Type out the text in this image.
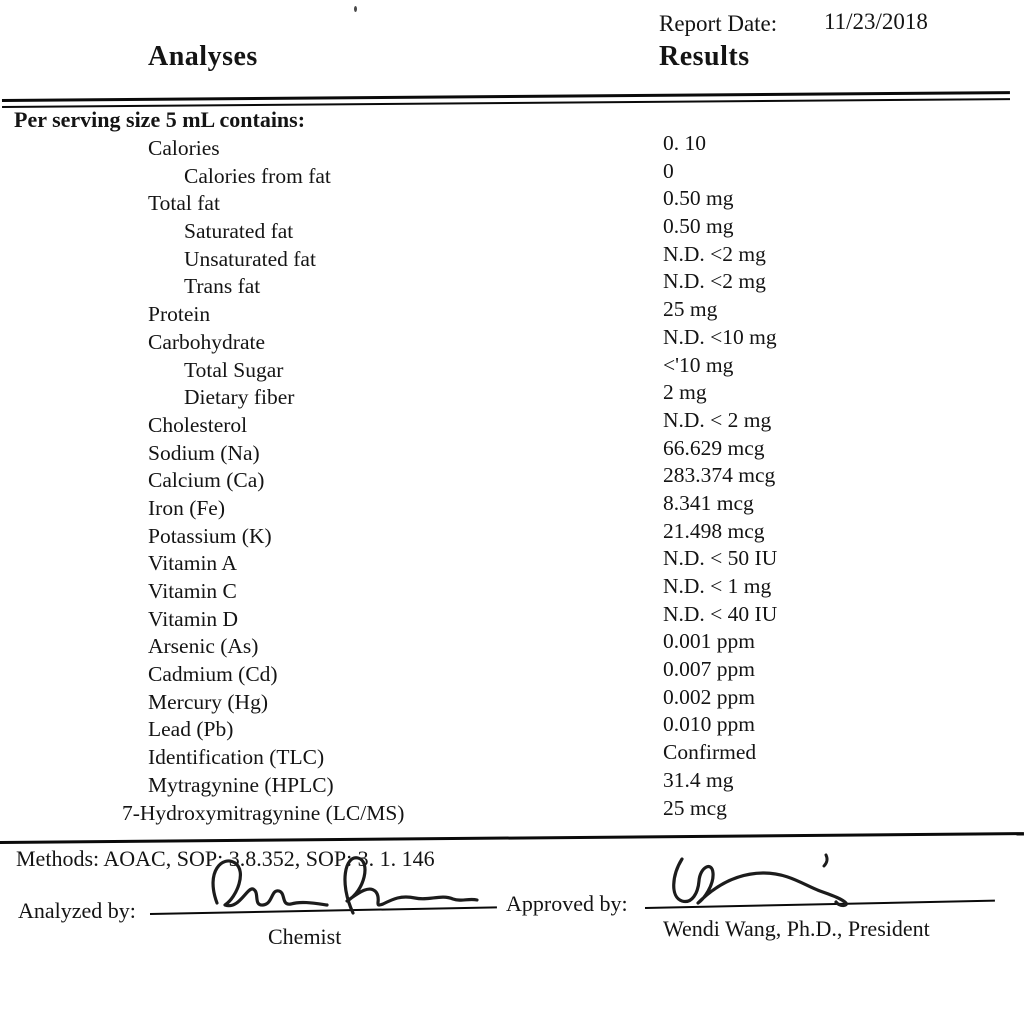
Report Date: 11/23/2018
Analyses	Results
Per serving size 5 mL contains:
Calories	0. 10
Calories from fat	0
Total fat	0.50 mg
Saturated fat	0.50 mg
Unsaturated fat	N.D. <2 mg
Trans fat	N.D. <2 mg
Protein	25 mg
Carbohydrate	N.D. <10 mg
Total Sugar	<'10 mg
Dietary fiber	2 mg
Cholesterol	N.D. < 2 mg
Sodium (Na)	66.629 mcg
Calcium (Ca)	283.374 mcg
Iron (Fe)	8.341 mcg
Potassium (K)	21.498 mcg
Vitamin A	N.D. < 50 IU
Vitamin C	N.D. < 1 mg
Vitamin D	N.D. < 40 IU
Arsenic (As)	0.001 ppm
Cadmium (Cd)	0.007 ppm
Mercury (Hg)	0.002 ppm
Lead (Pb)	0.010 ppm
Identification (TLC)	Confirmed
Mytragynine (HPLC)	31.4 mg
7-Hydroxymitragynine (LC/MS)	25 mcg
Methods: AOAC, SOP: 3.8.352, SOP: 3. 1. 146
Analyzed by:
Chemist
Approved by:
Wendi Wang, Ph.D., President
